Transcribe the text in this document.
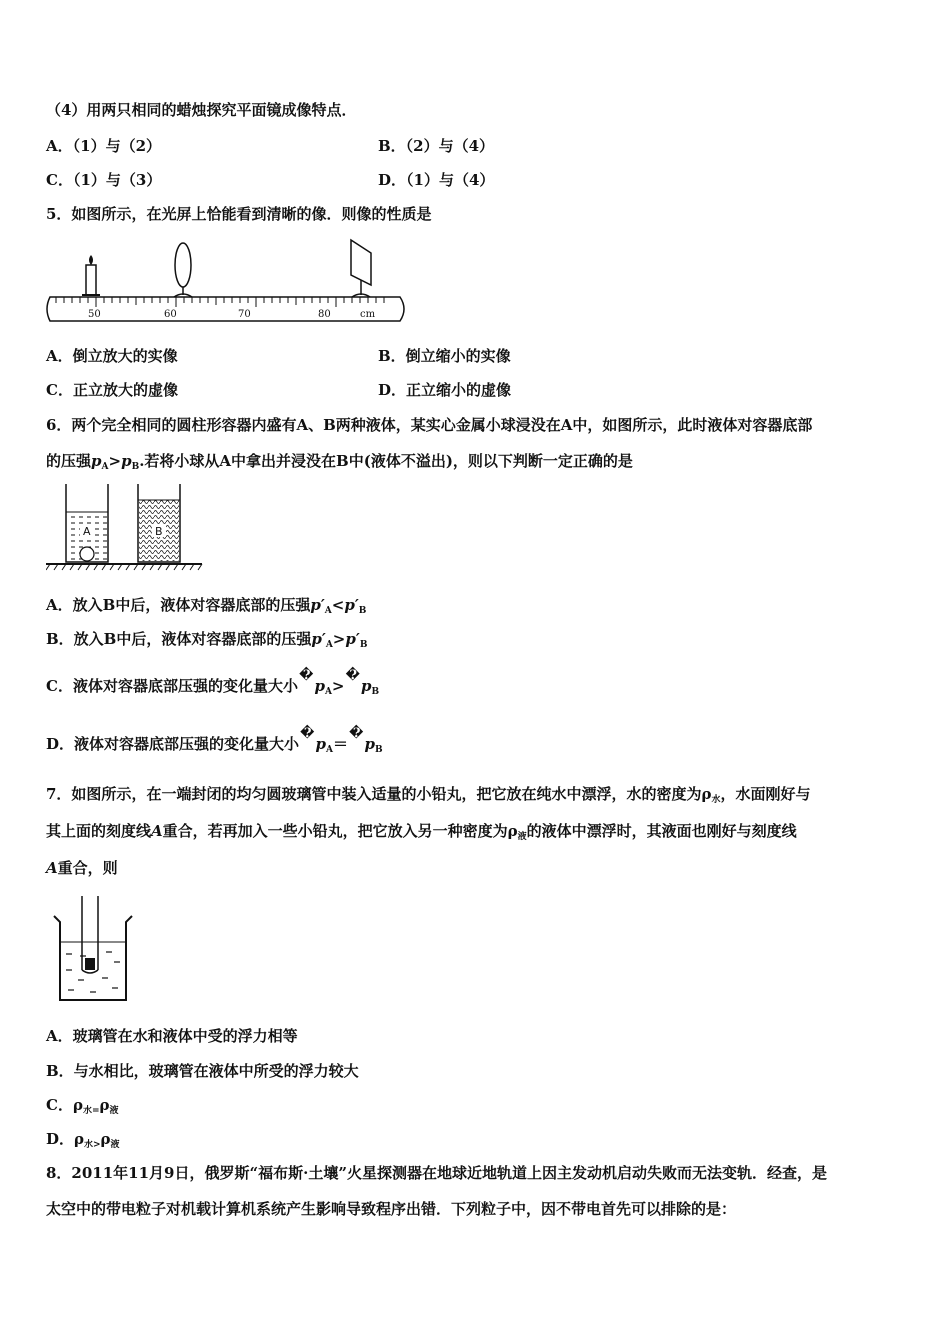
（4）用两只相同的蜡烛探究平面镜成像特点．
A．（1）与（2）	B．（2）与（4）
C．（1）与（3）	D．（1）与（4）
5．如图所示，在光屏上恰能看到清晰的像．则像的性质是
50	60	70	80	cm
A．倒立放大的实像	B．倒立缩小的实像
C．正立放大的虚像	D．正立缩小的虚像
6．两个完全相同的圆柱形容器内盛有A、B两种液体，某实心金属小球浸没在A中，如图所示，此时液体对容器底部
的压强$p_A>p_B$.若将小球从A中拿出并浸没在B中(液体不溢出)，则以下判断一定正确的是
A	B
A．放入B中后，液体对容器底部的压强$p'_A<p'_B$
B．放入B中后，液体对容器底部的压强$p'_A>p'_B$
C．液体对容器底部压强的变化量大小$�p_A>�p_B$
D．液体对容器底部压强的变化量大小$�p_A=�p_B$
7．如图所示，在一端封闭的均匀圆玻璃管中装入适量的小铅丸，把它放在纯水中漂浮，水的密度为$\rho_水$，水面刚好与
其上面的刻度线A重合，若再加入一些小铅丸，把它放入另一种密度为$\rho_液$的液体中漂浮时，其液面也刚好与刻度线
A重合，则
A．玻璃管在水和液体中受的浮力相等
B．与水相比，玻璃管在液体中所受的浮力较大
C．$\rho_{水=}\rho_液$
D．$\rho_{水>}\rho_液$
8．2011年11月9日，俄罗斯“福布斯·土壤”火星探测器在地球近地轨道上因主发动机启动失败而无法变轨．经查，是
太空中的带电粒子对机载计算机系统产生影响导致程序出错．下列粒子中，因不带电首先可以排除的是：
